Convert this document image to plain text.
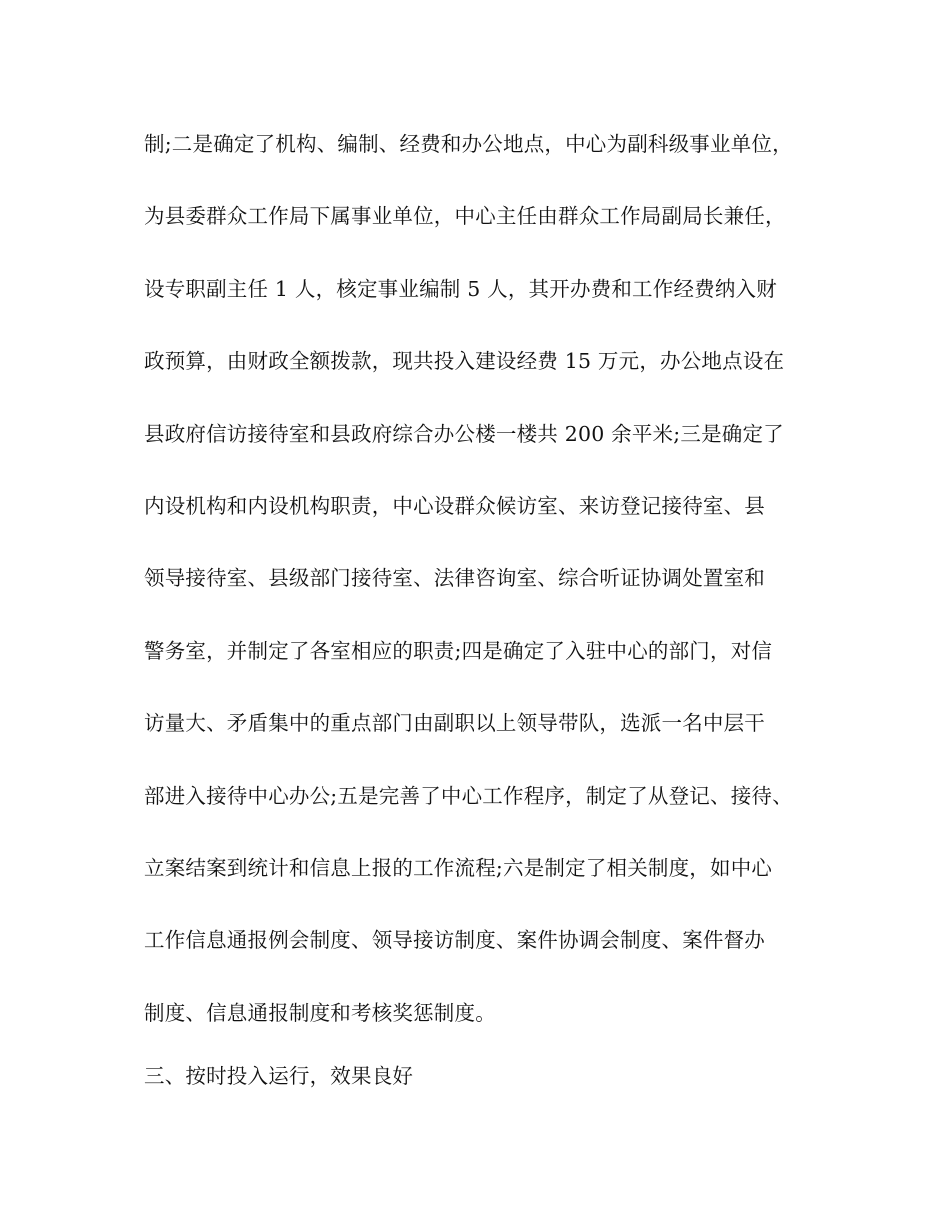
制;二是确定了机构、编制、经费和办公地点，中心为副科级事业单位，
为县委群众工作局下属事业单位，中心主任由群众工作局副局长兼任，
设专职副主任 1 人，核定事业编制 5 人，其开办费和工作经费纳入财
政预算，由财政全额拨款，现共投入建设经费 15 万元，办公地点设在
县政府信访接待室和县政府综合办公楼一楼共 200 余平米;三是确定了
内设机构和内设机构职责，中心设群众候访室、来访登记接待室、县
领导接待室、县级部门接待室、法律咨询室、综合听证协调处置室和
警务室，并制定了各室相应的职责;四是确定了入驻中心的部门，对信
访量大、矛盾集中的重点部门由副职以上领导带队，选派一名中层干
部进入接待中心办公;五是完善了中心工作程序，制定了从登记、接待、
立案结案到统计和信息上报的工作流程;六是制定了相关制度，如中心
工作信息通报例会制度、领导接访制度、案件协调会制度、案件督办
制度、信息通报制度和考核奖惩制度。
三、按时投入运行，效果良好
